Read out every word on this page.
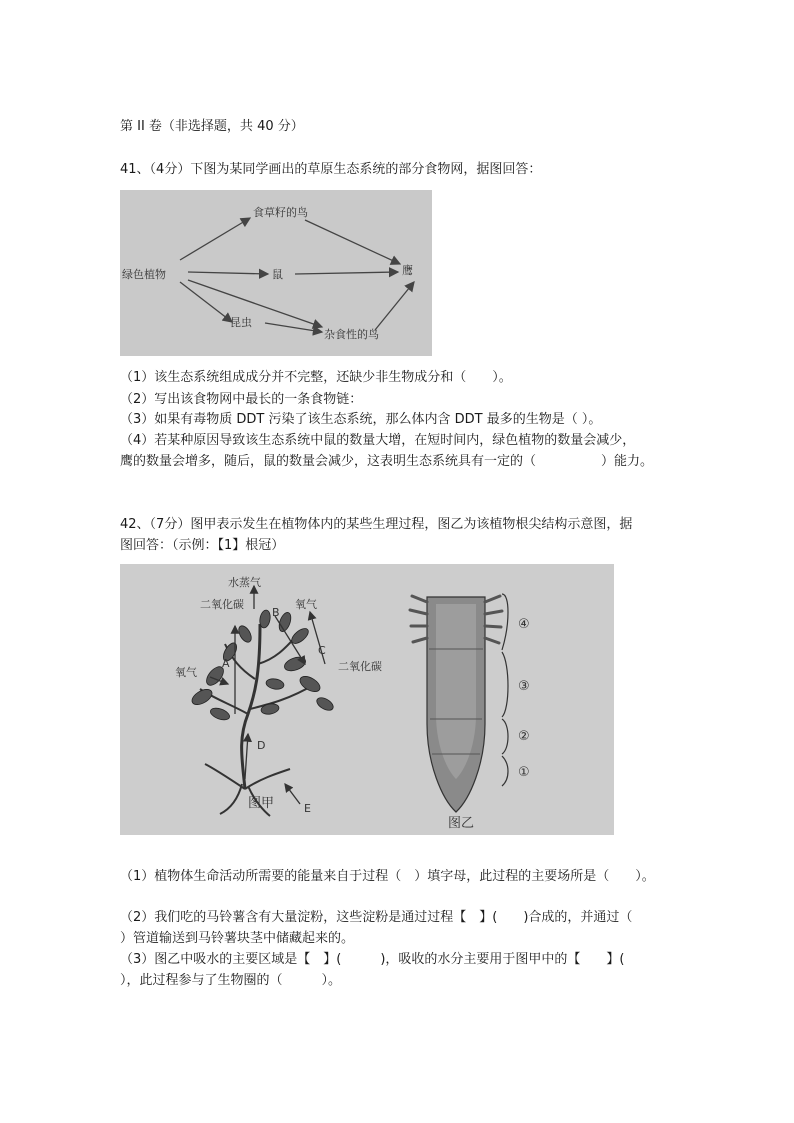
第 II 卷（非选择题，共 40 分）
41、（4分）下图为某同学画出的草原生态系统的部分食物网，据图回答：
绿色植物
食草籽的鸟
鼠
昆虫
杂食性的鸟
鹰
（1）该生态系统组成成分并不完整，还缺少非生物成分和（　　）。
（2）写出该食物网中最长的一条食物链：
（3）如果有毒物质 DDT 污染了该生态系统，那么体内含 DDT 最多的生物是（ ）。
（4）若某种原因导致该生态系统中鼠的数量大增，在短时间内，绿色植物的数量会减少，
鹰的数量会增多，随后，鼠的数量会减少，这表明生态系统具有一定的（　　　　　）能力。
42、（7分）图甲表示发生在植物体内的某些生理过程，图乙为该植物根尖结构示意图，据
图回答：（示例：【1】根冠）
水蒸气
二氧化碳	氧气
氧气	二氧化碳
A
B
C
D
E
图甲
④
③
②
①
图乙
（1）植物体生命活动所需要的能量来自于过程（　）填字母，此过程的主要场所是（　　）。
（2）我们吃的马铃薯含有大量淀粉，这些淀粉是通过过程【　】(　　)合成的，并通过（
）管道输送到马铃薯块茎中储藏起来的。
（3）图乙中吸水的主要区域是【　】(　　　)，吸收的水分主要用于图甲中的【　　】(
），此过程参与了生物圈的（　　　）。
